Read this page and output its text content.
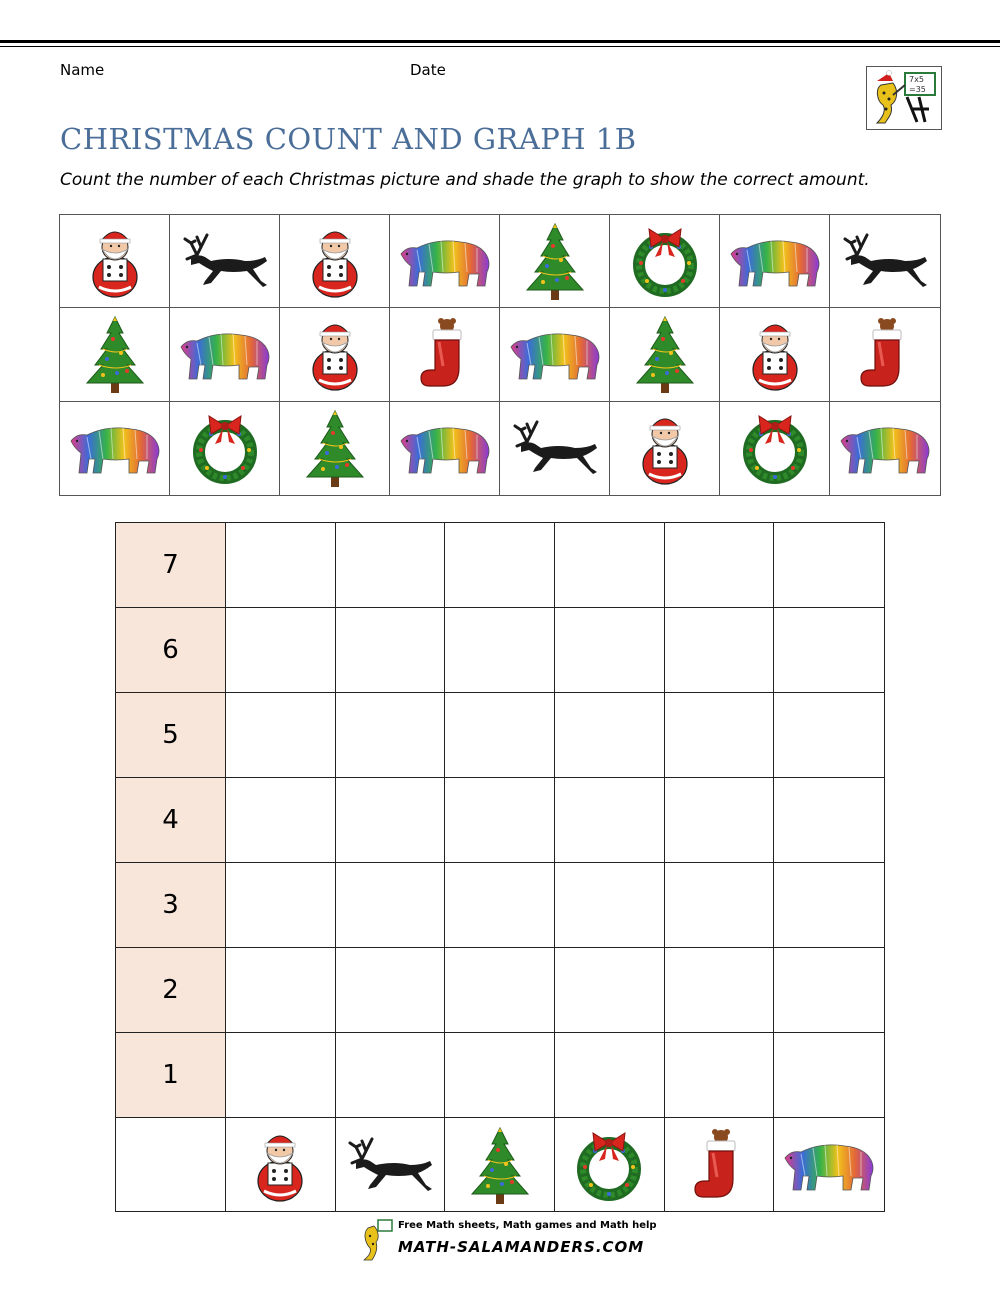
Name	Date
7x5
=35
CHRISTMAS COUNT AND GRAPH 1B
Count the number of each Christmas picture and shade the graph to show the correct amount.
7
6
5
4
3
2
1
Free Math sheets, Math games and Math help
MATH-SALAMANDERS.COM
